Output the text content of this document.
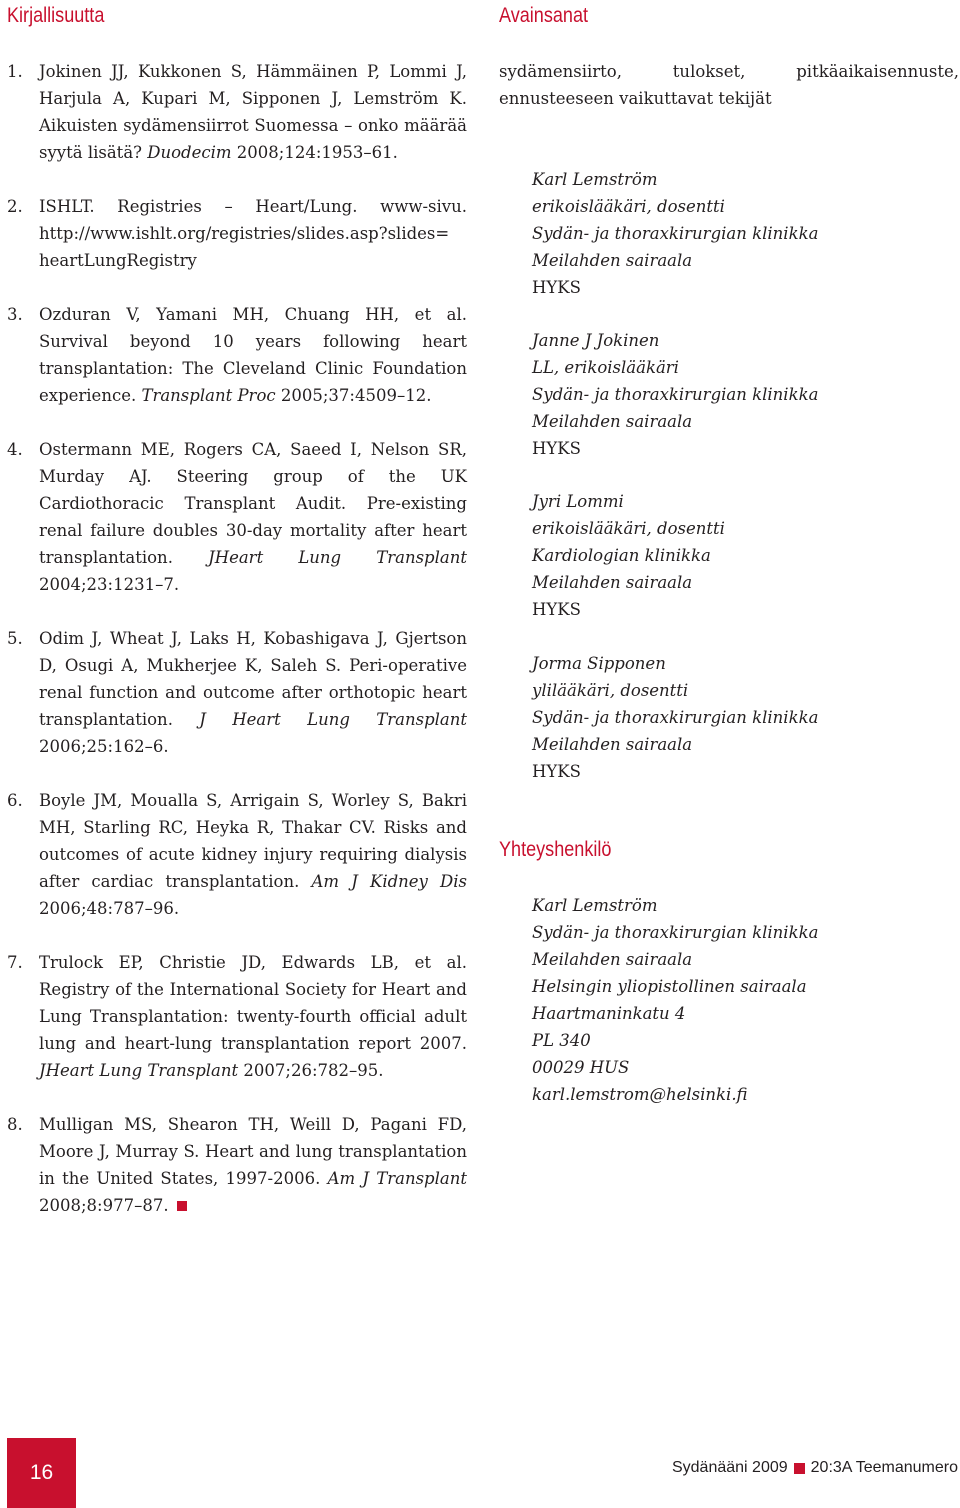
Kirjallisuutta
1. Jokinen JJ, Kukkonen S, Hämmäinen P, Lommi J, Harjula A, Kupari M, Sipponen J, Lemström K. Aikuisten sydämensiirrot Suomessa – onko määrää syytä lisätä? Duodecim 2008;124:1953–61.
2. ISHLT. Registries – Heart/Lung. www-sivu. http://www.ishlt.org/registries/slides.asp?slides= heartLungRegistry
3. Ozduran V, Yamani MH, Chuang HH, et al. Survival beyond 10 years following heart transplantation: The Cleveland Clinic Foundation experience. Transplant Proc 2005;37:4509–12.
4. Ostermann ME, Rogers CA, Saeed I, Nelson SR, Murday AJ. Steering group of the UK Cardiothoracic Transplant Audit. Pre-existing renal failure doubles 30-day mortality after heart transplantation. JHeart Lung Transplant 2004;23:1231–7.
5. Odim J, Wheat J, Laks H, Kobashigava J, Gjertson D, Osugi A, Mukherjee K, Saleh S. Peri-operative renal function and outcome after orthotopic heart transplantation. J Heart Lung Transplant 2006;25:162–6.
6. Boyle JM, Moualla S, Arrigain S, Worley S, Bakri MH, Starling RC, Heyka R, Thakar CV. Risks and outcomes of acute kidney injury requiring dialysis after cardiac transplantation. Am J Kidney Dis 2006;48:787–96.
7. Trulock EP, Christie JD, Edwards LB, et al. Registry of the International Society for Heart and Lung Transplantation: twenty-fourth official adult lung and heart-lung transplantation report 2007. JHeart Lung Transplant 2007;26:782–95.
8. Mulligan MS, Shearon TH, Weill D, Pagani FD, Moore J, Murray S. Heart and lung transplantation in the United States, 1997-2006. Am J Transplant 2008;8:977–87.
Avainsanat

sydämensiirto, tulokset, pitkäaikaisennuste, ennusteeseen vaikuttavat tekijät

Karl Lemström
erikoislääkäri, dosentti
Sydän- ja thoraxkirurgian klinikka
Meilahden sairaala
HYKS
Janne J Jokinen
LL, erikoislääkäri
Sydän- ja thoraxkirurgian klinikka
Meilahden sairaala
HYKS
Jyri Lommi
erikoislääkäri, dosentti
Kardiologian klinikka
Meilahden sairaala
HYKS
Jorma Sipponen
ylilääkäri, dosentti
Sydän- ja thoraxkirurgian klinikka
Meilahden sairaala
HYKS
Yhteyshenkilö
Karl Lemström
Sydän- ja thoraxkirurgian klinikka
Meilahden sairaala
Helsingin yliopistollinen sairaala
Haartmaninkatu 4
PL 340
00029 HUS
karl.lemstrom@helsinki.fi
16	Sydänääni 2009 20:3A Teemanumero
